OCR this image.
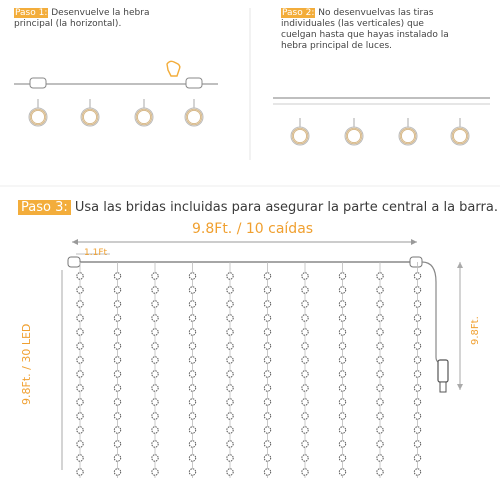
Paso 1: Desenvuelve la hebra
principal (la horizontal).
Paso 2: No desenvuelvas las tiras
individuales (las verticales) que
cuelgan hasta que hayas instalado la
hebra principal de luces.
Paso 3: Usa las bridas incluidas para asegurar la parte central a la barra.
9.8Ft. / 10 caídas
1.1Ft
9.8Ft. / 30 LED	9.8Ft.
